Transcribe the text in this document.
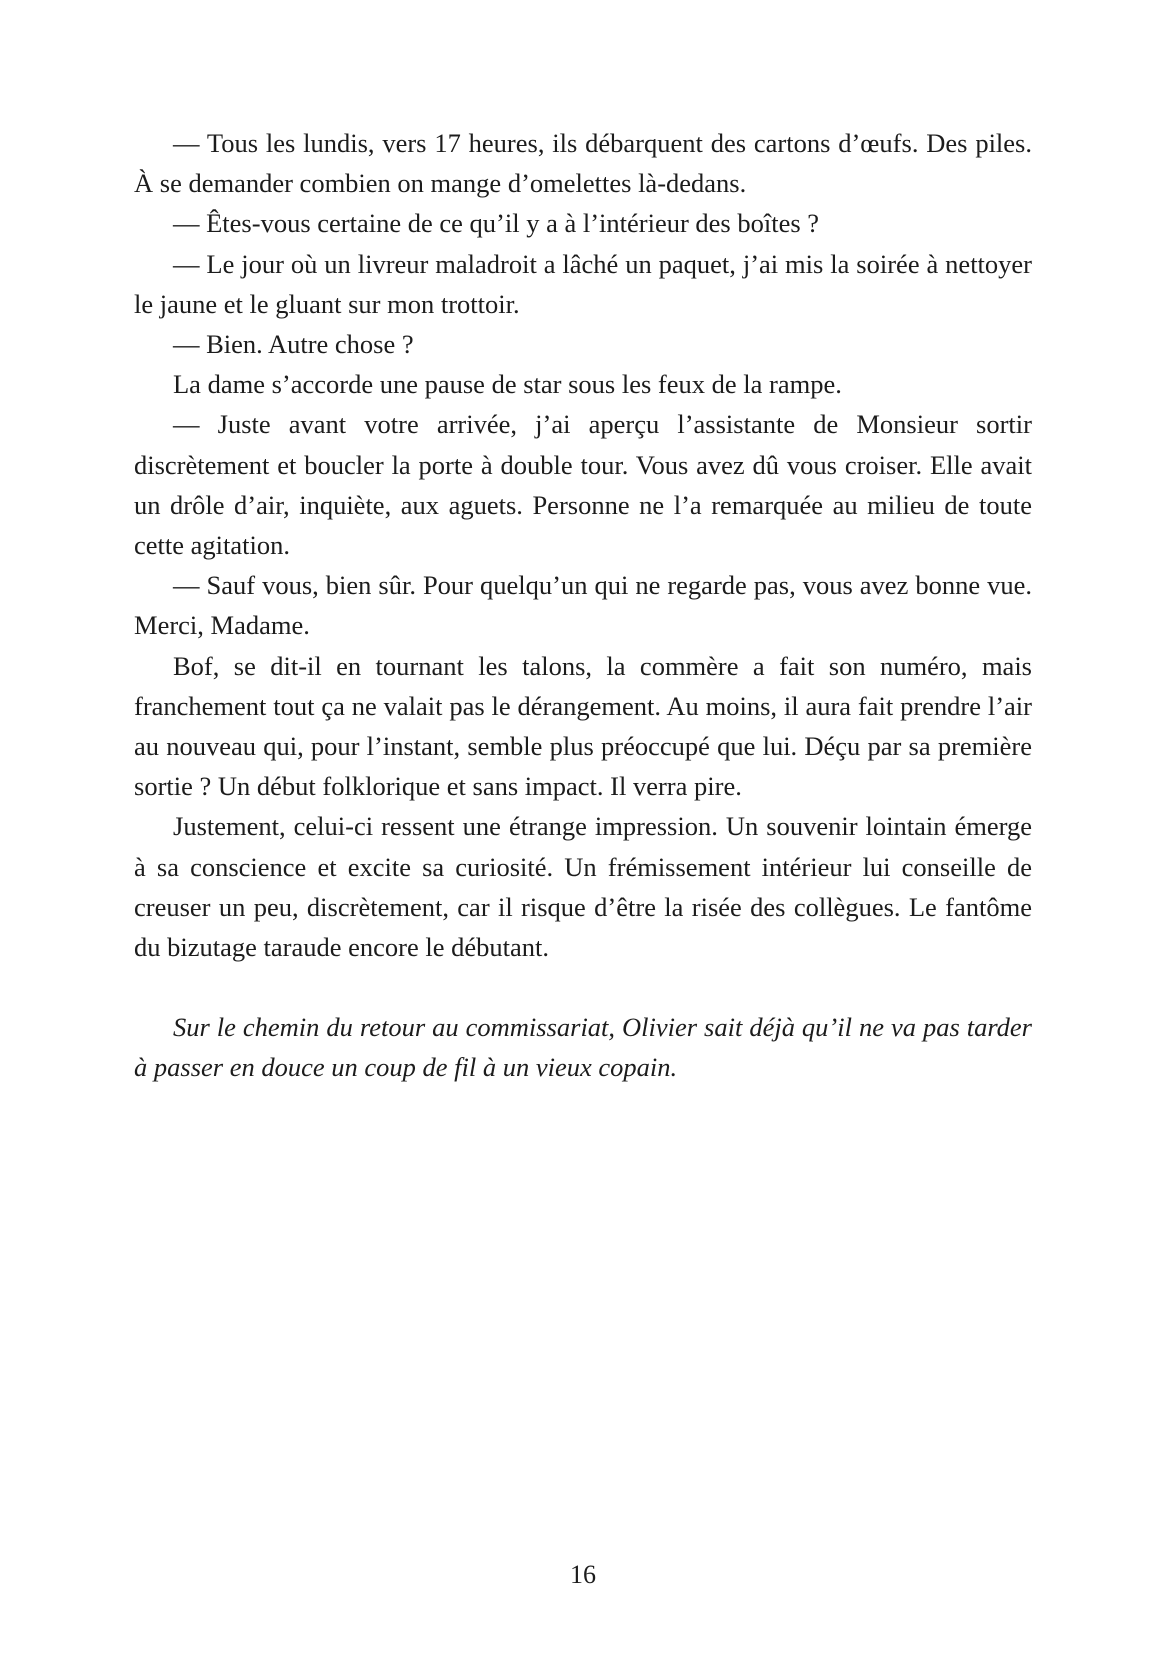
— Tous les lundis, vers 17 heures, ils débarquent des cartons d’œufs. Des piles. À se demander combien on mange d’omelettes là-dedans.

— Êtes-vous certaine de ce qu’il y a à l’intérieur des boîtes ?

— Le jour où un livreur maladroit a lâché un paquet, j’ai mis la soirée à nettoyer le jaune et le gluant sur mon trottoir.

— Bien. Autre chose ?

La dame s’accorde une pause de star sous les feux de la rampe.

— Juste avant votre arrivée, j’ai aperçu l’assistante de Monsieur sortir discrètement et boucler la porte à double tour. Vous avez dû vous croiser. Elle avait un drôle d’air, inquiète, aux aguets. Personne ne l’a remarquée au milieu de toute cette agitation.

— Sauf vous, bien sûr. Pour quelqu’un qui ne regarde pas, vous avez bonne vue. Merci, Madame.

Bof, se dit-il en tournant les talons, la commère a fait son numéro, mais franchement tout ça ne valait pas le dérangement. Au moins, il aura fait prendre l’air au nouveau qui, pour l’instant, semble plus préoccupé que lui. Déçu par sa première sortie ? Un début folklorique et sans impact. Il verra pire.

Justement, celui-ci ressent une étrange impression. Un souvenir lointain émerge à sa conscience et excite sa curiosité. Un frémissement intérieur lui conseille de creuser un peu, discrètement, car il risque d’être la risée des collègues. Le fantôme du bizutage taraude encore le débutant.

Sur le chemin du retour au commissariat, Olivier sait déjà qu’il ne va pas tarder à passer en douce un coup de fil à un vieux copain.

16
